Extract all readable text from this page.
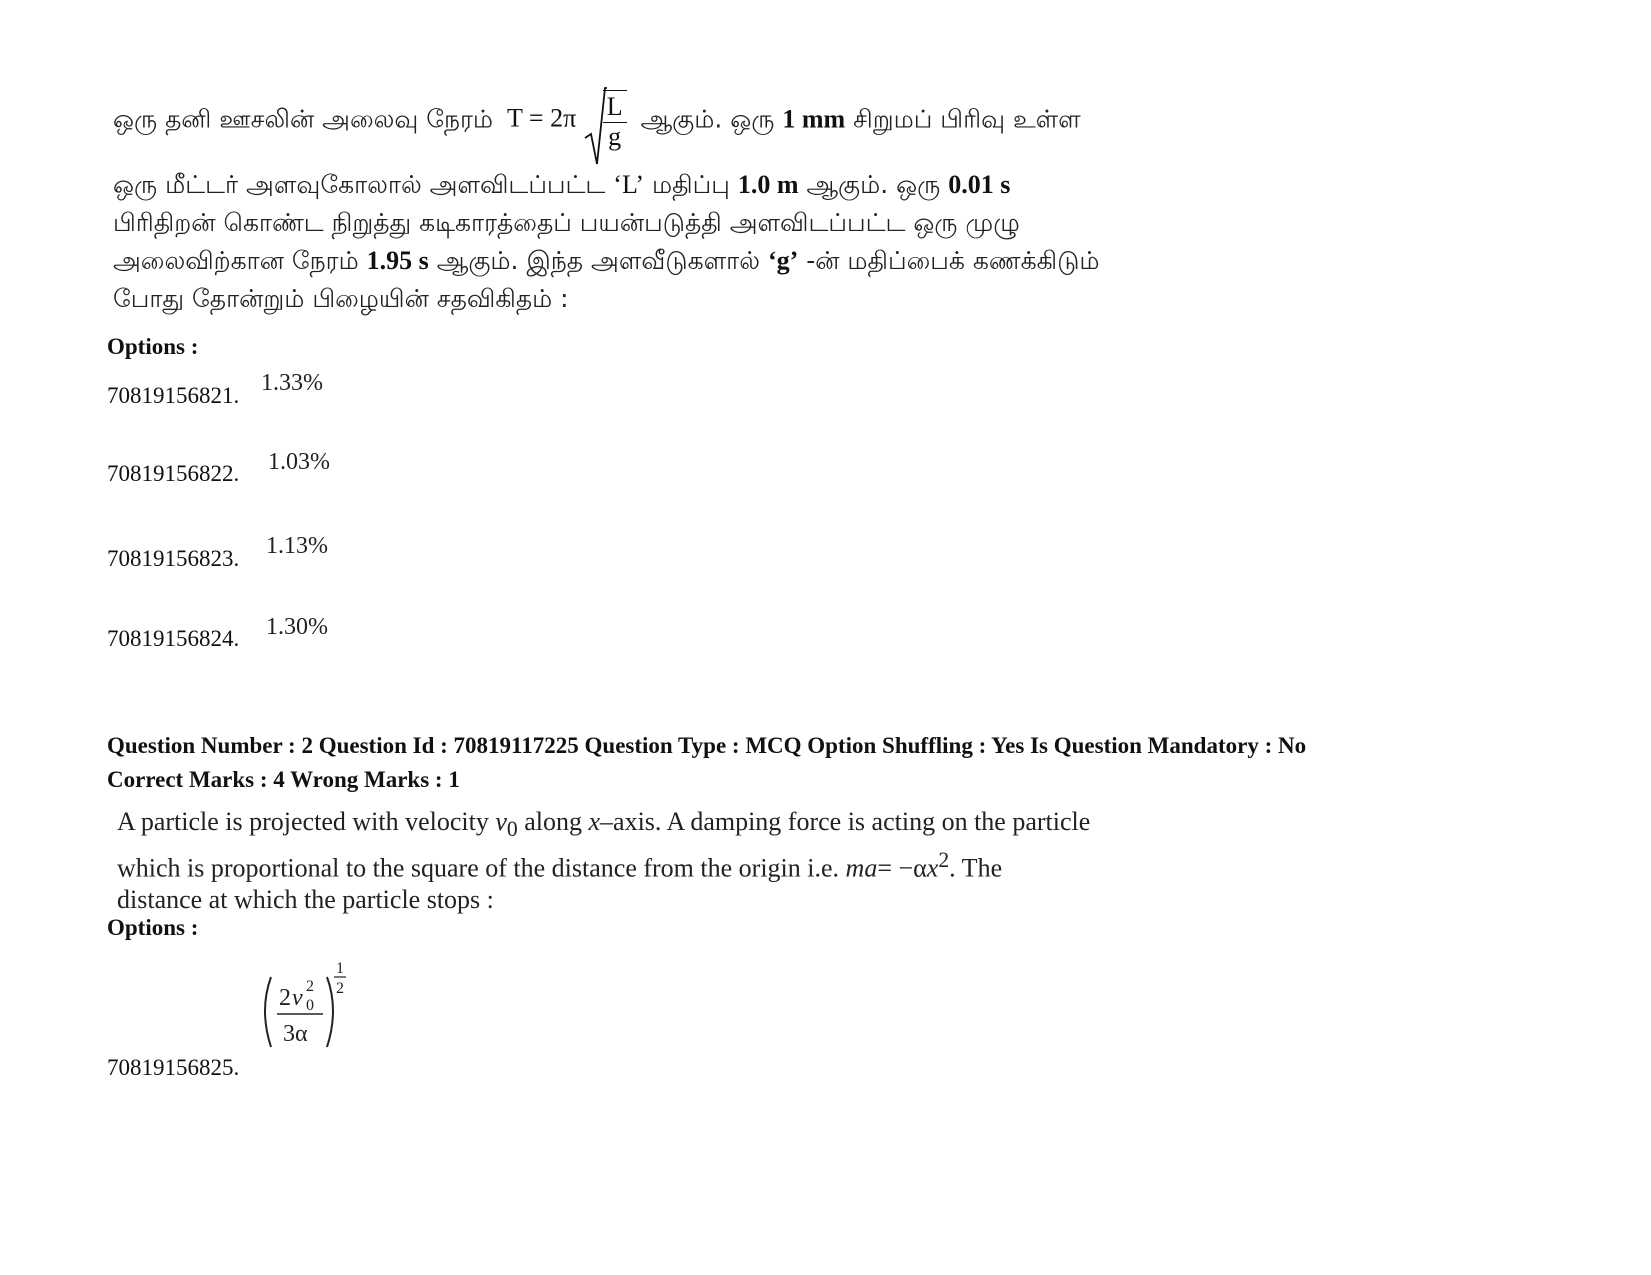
ஒரு தனி ஊசலின் அலைவு நேரம் $T = 2\pi \frac{L}{g}$ ஆகும். ஒரு 1 mm சிறுமப் பிரிவு உள்ள
ஒரு மீட்டர் அளவுகோலால் அளவிடப்பட்ட ‘L’ மதிப்பு 1.0 m ஆகும். ஒரு 0.01 s
பிரிதிறன் கொண்ட நிறுத்து கடிகாரத்தைப் பயன்படுத்தி அளவிடப்பட்ட ஒரு முழு
அலைவிற்கான நேரம் 1.95 s ஆகும். இந்த அளவீடுகளால் ‘g’ -ன் மதிப்பைக் கணக்கிடும்
போது தோன்றும் பிழையின் சதவிகிதம் :
Options :
70819156821. 1.33%
70819156822. 1.03%
70819156823. 1.13%
70819156824. 1.30%
Question Number : 2 Question Id : 70819117225 Question Type : MCQ Option Shuffling : Yes Is Question Mandatory : No
Correct Marks : 4 Wrong Marks : 1
A particle is projected with velocity $v_0$ along x–axis. A damping force is acting on the particle
which is proportional to the square of the distance from the origin i.e. $ma= -\alpha x^2$. The
distance at which the particle stops :
Options :
70819156825.
2 v 2
0
3α
1
2
